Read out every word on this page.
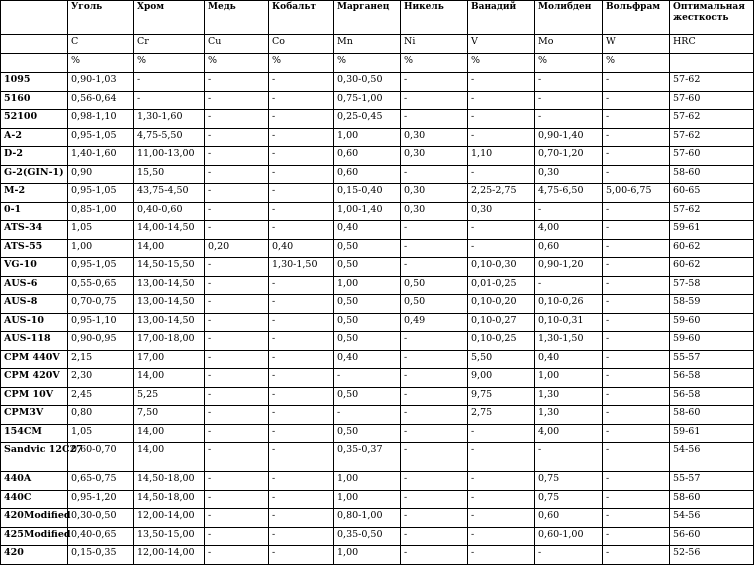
	Уголь	Хром	Медь	Кобальт	Марганец	Никель	Ванадий	Молибден	Вольфрам	Оптимальная жесткость
	C	Cr	Cu	Co	Mn	Ni	V	Mo	W	HRC
	%	%	%	%	%	%	%	%	%	
1095	0,90-1,03	-	-	-	0,30-0,50	-	-	-	-	57-62
5160	0,56-0,64	-	-	-	0,75-1,00	-	-	-	-	57-60
52100	0,98-1,10	1,30-1,60	-	-	0,25-0,45	-	-	-	-	57-62
A-2	0,95-1,05	4,75-5,50	-	-	1,00	0,30	-	0,90-1,40	-	57-62
D-2	1,40-1,60	11,00-13,00	-	-	0,60	0,30	1,10	0,70-1,20	-	57-60
G-2(GIN-1)	0,90	15,50	-	-	0,60	-	-	0,30	-	58-60
M-2	0,95-1,05	43,75-4,50	-	-	0,15-0,40	0,30	2,25-2,75	4,75-6,50	5,00-6,75	60-65
0-1	0,85-1,00	0,40-0,60	-	-	1,00-1,40	0,30	0,30	-	-	57-62
ATS-34	1,05	14,00-14,50	-	-	0,40	-	-	4,00	-	59-61
ATS-55	1,00	14,00	0,20	0,40	0,50	-	-	0,60	-	60-62
VG-10	0,95-1,05	14,50-15,50	-	1,30-1,50	0,50	-	0,10-0,30	0,90-1,20	-	60-62
AUS-6	0,55-0,65	13,00-14,50	-	-	1,00	0,50	0,01-0,25	-	-	57-58
AUS-8	0,70-0,75	13,00-14,50	-	-	0,50	0,50	0,10-0,20	0,10-0,26	-	58-59
AUS-10	0,95-1,10	13,00-14,50	-	-	0,50	0,49	0,10-0,27	0,10-0,31	-	59-60
AUS-118	0,90-0,95	17,00-18,00	-	-	0,50	-	0,10-0,25	1,30-1,50	-	59-60
CPM 440V	2,15	17,00	-	-	0,40	-	5,50	0,40	-	55-57
CPM 420V	2,30	14,00	-	-	-	-	9,00	1,00	-	56-58
CPM 10V	2,45	5,25	-	-	0,50	-	9,75	1,30	-	56-58
CPM3V	0,80	7,50	-	-	-	-	2,75	1,30	-	58-60
154CM	1,05	14,00	-	-	0,50	-	-	4,00	-	59-61
Sandvic 12C27	0,60-0,70	14,00	-	-	0,35-0,37	-	-	-	-	54-56
440A	0,65-0,75	14,50-18,00	-	-	1,00	-	-	0,75	-	55-57
440C	0,95-1,20	14,50-18,00	-	-	1,00	-	-	0,75	-	58-60
420Modified	0,30-0,50	12,00-14,00	-	-	0,80-1,00	-	-	0,60	-	54-56
425Modified	0,40-0,65	13,50-15,00	-	-	0,35-0,50	-	-	0,60-1,00	-	56-60
420	0,15-0,35	12,00-14,00	-	-	1,00	-	-	-	-	52-56
